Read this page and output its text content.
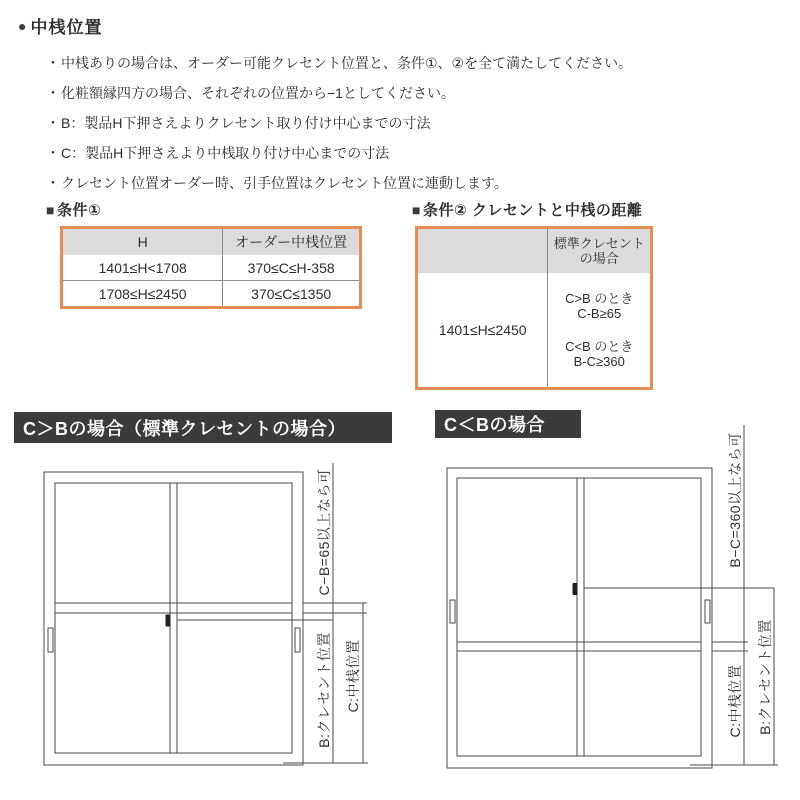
● 中桟位置
・ 中桟ありの場合は、オーダー可能クレセント位置と、条件①、②を全て満たしてください。
・ 化粧額縁四方の場合、それぞれの位置から−1としてください。
・ B：製品H下押さえよりクレセント取り付け中心までの寸法
・ C：製品H下押さえより中桟取り付け中心までの寸法
・ クレセント位置オーダー時、引手位置はクレセント位置に連動します。
■ 条件①
H	オーダー中桟位置
1401≤H<1708	370≤C≤H-358
1708≤H≤2450	370≤C≤1350
■ 条件② クレセントと中桟の距離

	標準クレセント
の場合

1401≤H≤2450	C>B のとき
C-B≥65
C<B のとき
B-C≥360
C＞Bの場合（標準クレセントの場合）	C＜Bの場合
C−B=65以上なら可
B:クレセント位置 C:中桟位置
B−C=360以上なら可
C:中桟位置 B:クレセント位置
